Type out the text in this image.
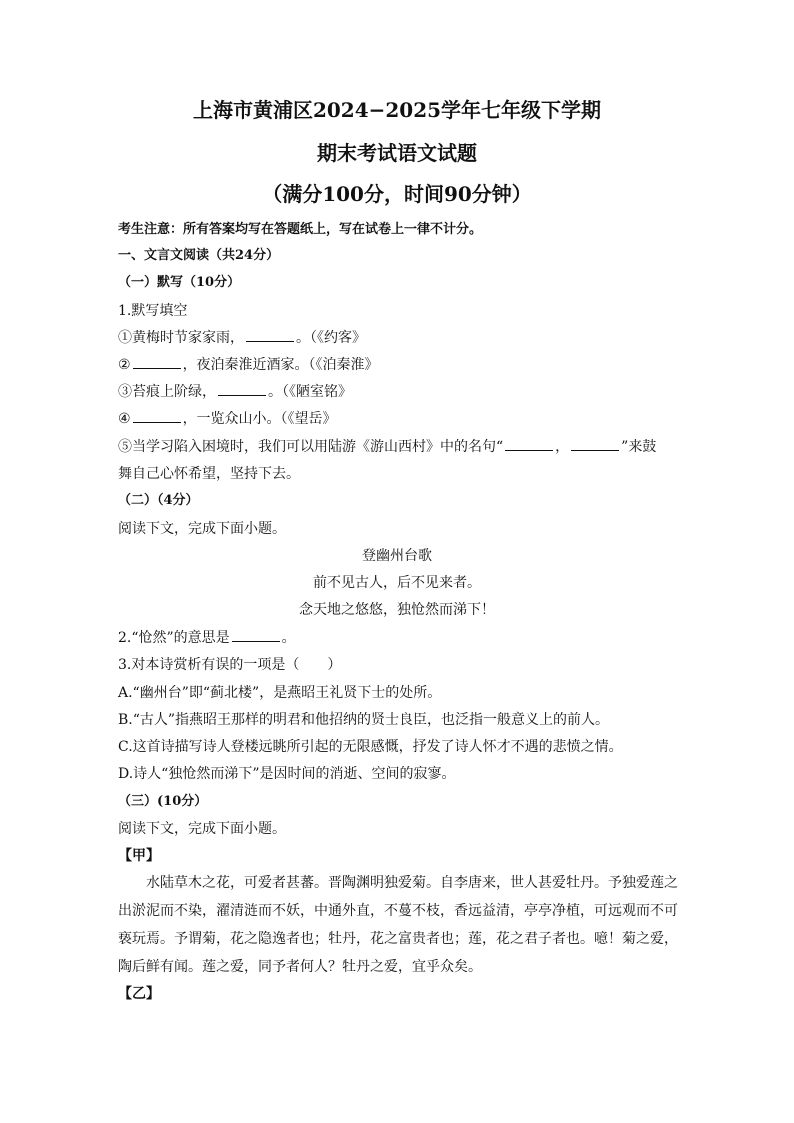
上海市黄浦区2024−2025学年七年级下学期
期末考试语文试题
（满分100分，时间90分钟）
考生注意：所有答案均写在答题纸上，写在试卷上一律不计分。
一、文言文阅读（共24分）
（一）默写（10分）
1.默写填空
①黄梅时节家家雨，	。（《约客》
②	，夜泊秦淮近酒家。（《泊秦淮》
③苔痕上阶绿，	。（《陋室铭》
④	，一览众山小。（《望岳》
⑤当学习陷入困境时，我们可以用陆游《游山西村》中的名句“	，	”来鼓
舞自己心怀希望，坚持下去。
（二）（4分）
阅读下文，完成下面小题。
登幽州台歌
前不见古人，后不见来者。
念天地之悠悠，独怆然而涕下！
2.“怆然”的意思是	。
3.对本诗赏析有误的一项是（　　）
A.“幽州台”即“蓟北楼”，是燕昭王礼贤下士的处所。
B.“古人”指燕昭王那样的明君和他招纳的贤士良臣，也泛指一般意义上的前人。
C.这首诗描写诗人登楼远眺所引起的无限感慨，抒发了诗人怀才不遇的悲愤之情。
D.诗人“独怆然而涕下”是因时间的消逝、空间的寂寥。
（三）(10分）
阅读下文，完成下面小题。
【甲】
水陆草木之花，可爱者甚蕃。晋陶渊明独爱菊。自李唐来，世人甚爱牡丹。予独爱莲之出淤泥而不染，濯清涟而不妖，中通外直，不蔓不枝，香远益清，亭亭净植，可远观而不可亵玩焉。予谓菊，花之隐逸者也；牡丹，花之富贵者也；莲，花之君子者也。噫！菊之爱，陶后鲜有闻。莲之爱，同予者何人？牡丹之爱，宜乎众矣。
【乙】
